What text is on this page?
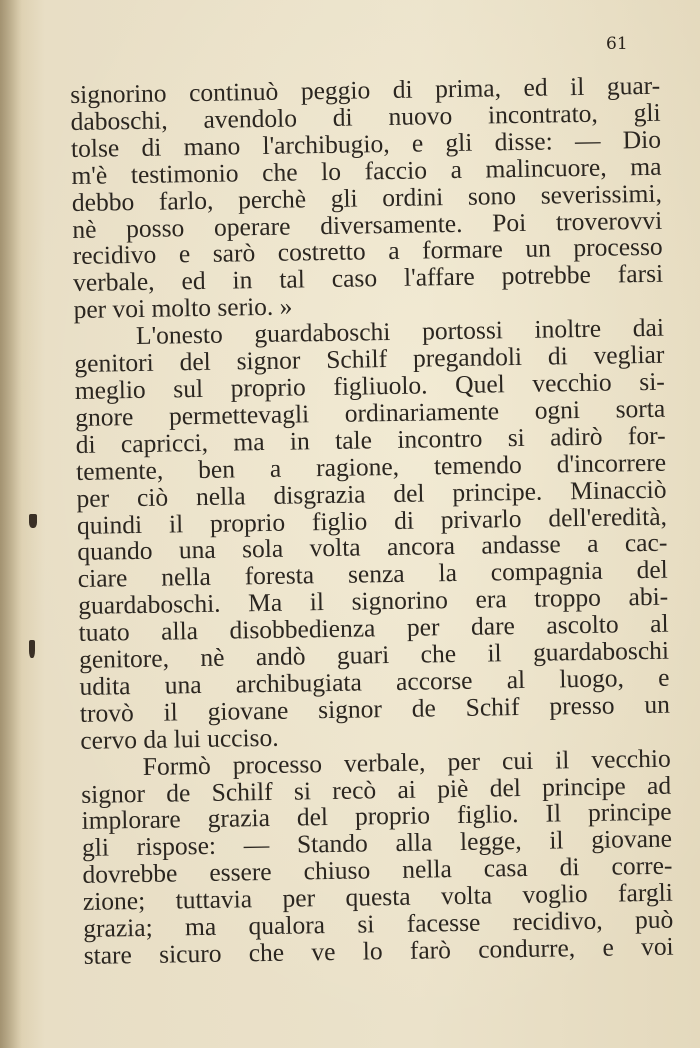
61
signorino continuò peggio di prima, ed il guar-
daboschi, avendolo di nuovo incontrato, gli
tolse di mano l'archibugio, e gli disse: — Dio
m'è testimonio che lo faccio a malincuore, ma
debbo farlo, perchè gli ordini sono severissimi,
nè posso operare diversamente. Poi troverovvi
recidivo e sarò costretto a formare un processo
verbale, ed in tal caso l'affare potrebbe farsi
per voi molto serio. »
L'onesto guardaboschi portossi inoltre dai
genitori del signor Schilf pregandoli di vegliar
meglio sul proprio figliuolo. Quel vecchio si-
gnore permettevagli ordinariamente ogni sorta
di capricci, ma in tale incontro si adirò for-
temente, ben a ragione, temendo d'incorrere
per ciò nella disgrazia del principe. Minacciò
quindi il proprio figlio di privarlo dell'eredità,
quando una sola volta ancora andasse a cac-
ciare nella foresta senza la compagnia del
guardaboschi. Ma il signorino era troppo abi-
tuato alla disobbedienza per dare ascolto al
genitore, nè andò guari che il guardaboschi
udita una archibugiata accorse al luogo, e
trovò il giovane signor de Schif presso un
cervo da lui ucciso.
Formò processo verbale, per cui il vecchio
signor de Schilf si recò ai piè del principe ad
implorare grazia del proprio figlio. Il principe
gli rispose: — Stando alla legge, il giovane
dovrebbe essere chiuso nella casa di corre-
zione; tuttavia per questa volta voglio fargli
grazia; ma qualora si facesse recidivo, può
stare sicuro che ve lo farò condurre, e voi
